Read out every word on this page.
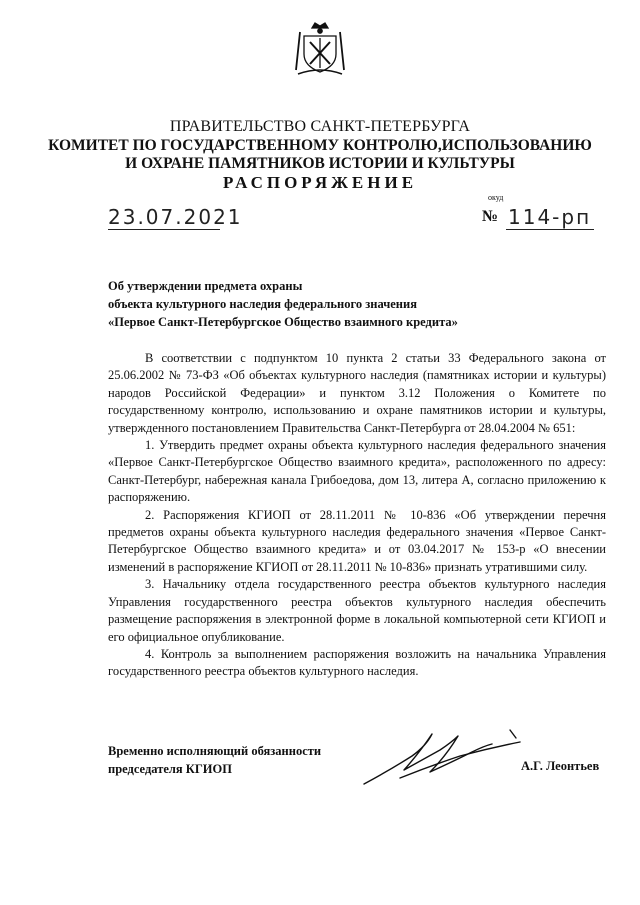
ПРАВИТЕЛЬСТВО САНКТ-ПЕТЕРБУРГА
КОМИТЕТ ПО ГОСУДАРСТВЕННОМУ КОНТРОЛЮ,ИСПОЛЬЗОВАНИЮ
И ОХРАНЕ ПАМЯТНИКОВ ИСТОРИИ И КУЛЬТУРЫ
РАСПОРЯЖЕНИЕ
окуд
23.07.2021	№ 114-рп
Об утверждении предмета охраны
объекта культурного наследия федерального значения
«Первое Санкт-Петербургское Общество взаимного кредита»

В соответствии с подпунктом 10 пункта 2 статьи 33 Федерального закона от 25.06.2002 № 73-ФЗ «Об объектах культурного наследия (памятниках истории и культуры) народов Российской Федерации» и пунктом 3.12 Положения о Комитете по государственному контролю, использованию и охране памятников истории и культуры, утвержденного постановлением Правительства Санкт-Петербурга от 28.04.2004 № 651:

1. Утвердить предмет охраны объекта культурного наследия федерального значения «Первое Санкт-Петербургское Общество взаимного кредита», расположенного по адресу: Санкт-Петербург, набережная канала Грибоедова, дом 13, литера А, согласно приложению к распоряжению.

2. Распоряжения КГИОП от 28.11.2011 № 10-836 «Об утверждении перечня предметов охраны объекта культурного наследия федерального значения «Первое Санкт-Петербургское Общество взаимного кредита» и от 03.04.2017 № 153-р «О внесении изменений в распоряжение КГИОП от 28.11.2011 № 10-836» признать утратившими силу.

3. Начальнику отдела государственного реестра объектов культурного наследия Управления государственного реестра объектов культурного наследия обеспечить размещение распоряжения в электронной форме в локальной компьютерной сети КГИОП и его официальное опубликование.

4. Контроль за выполнением распоряжения возложить на начальника Управления государственного реестра объектов культурного наследия.

Временно исполняющий обязанности
председателя КГИОП	А.Г. Леонтьев
